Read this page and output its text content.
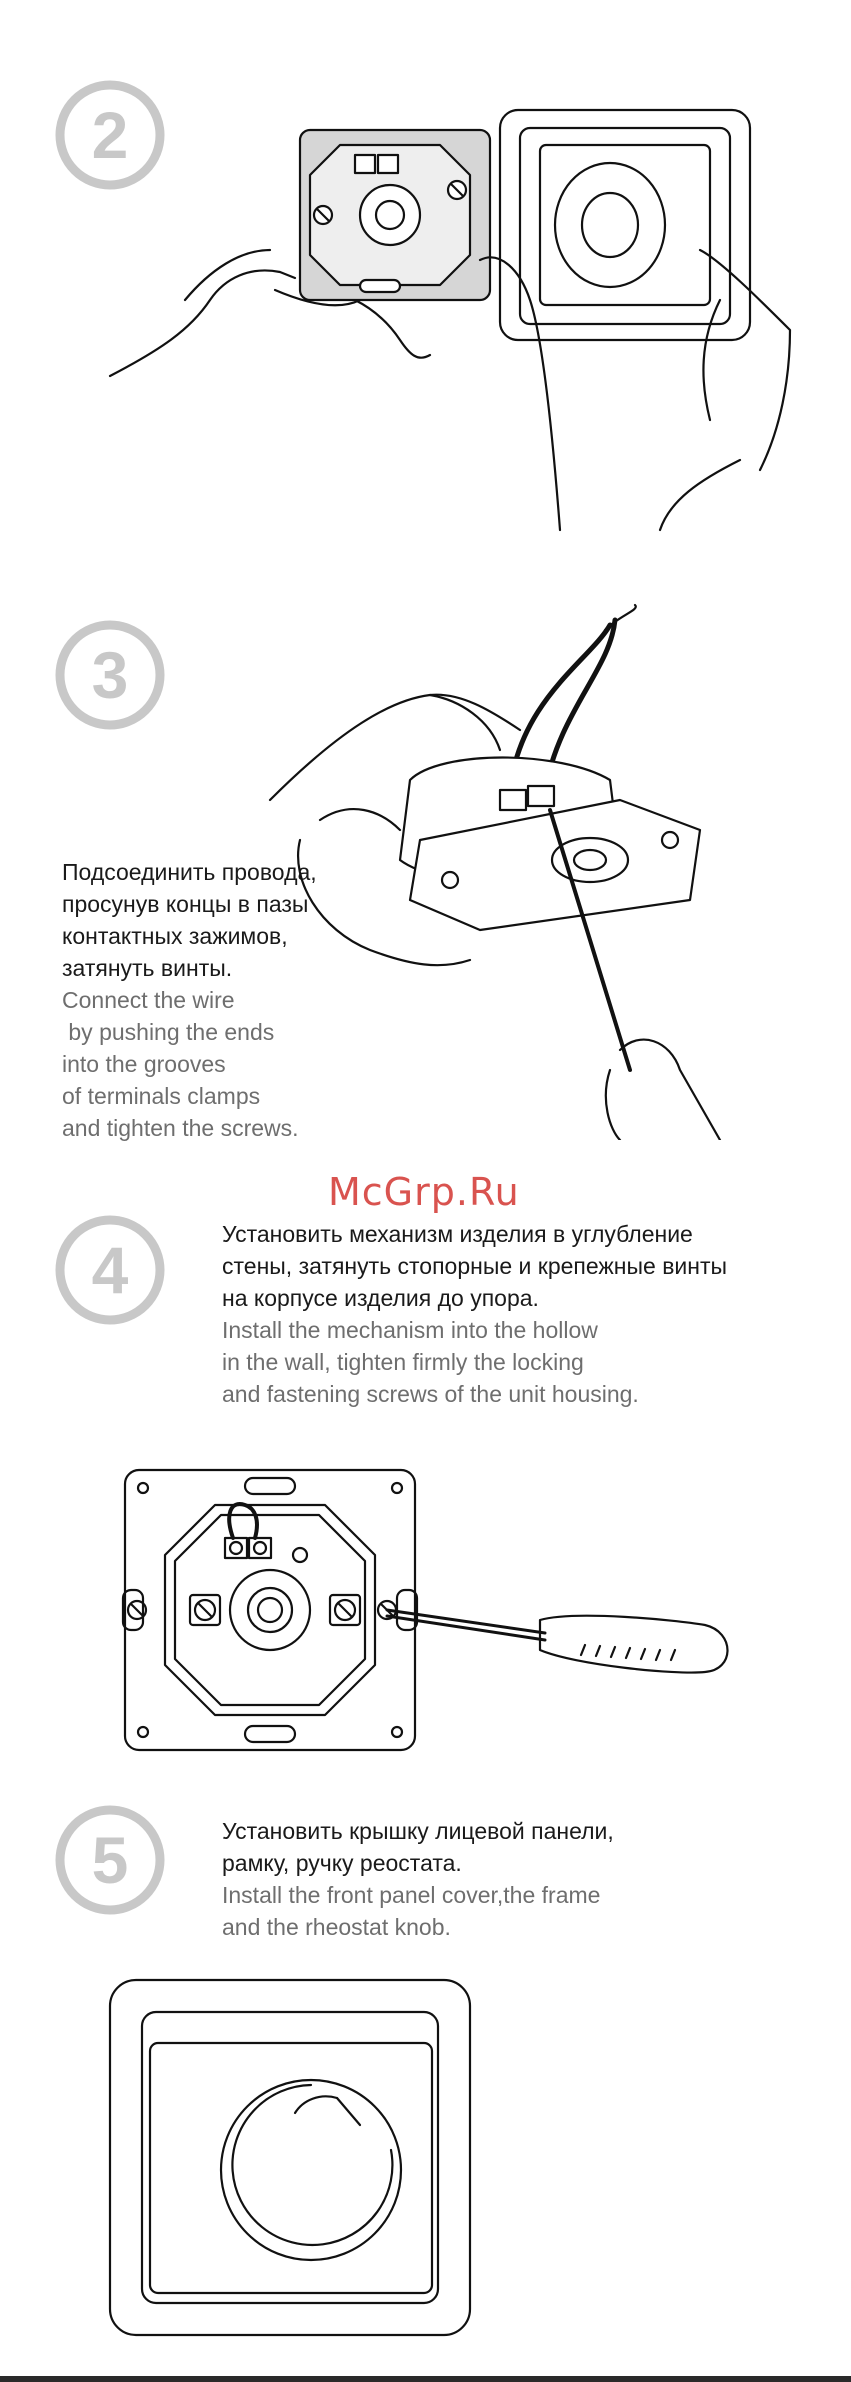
2
3
Подсоединить провода,
просунув концы в пазы
контактных зажимов,
затянуть винты.
Connect the wire
by pushing the ends
into the grooves
of terminals clamps
and tighten the screws.
McGrp.Ru
4	Установить механизм изделия в углубление
стены, затянуть стопорные и крепежные винты
на корпусе изделия до упора.
Install the mechanism into the hollow
in the wall, tighten firmly the locking
and fastening screws of the unit housing.
5	Установить крышку лицевой панели,
рамку, ручку реостата.
Install the front panel cover,the frame
and the rheostat knob.
